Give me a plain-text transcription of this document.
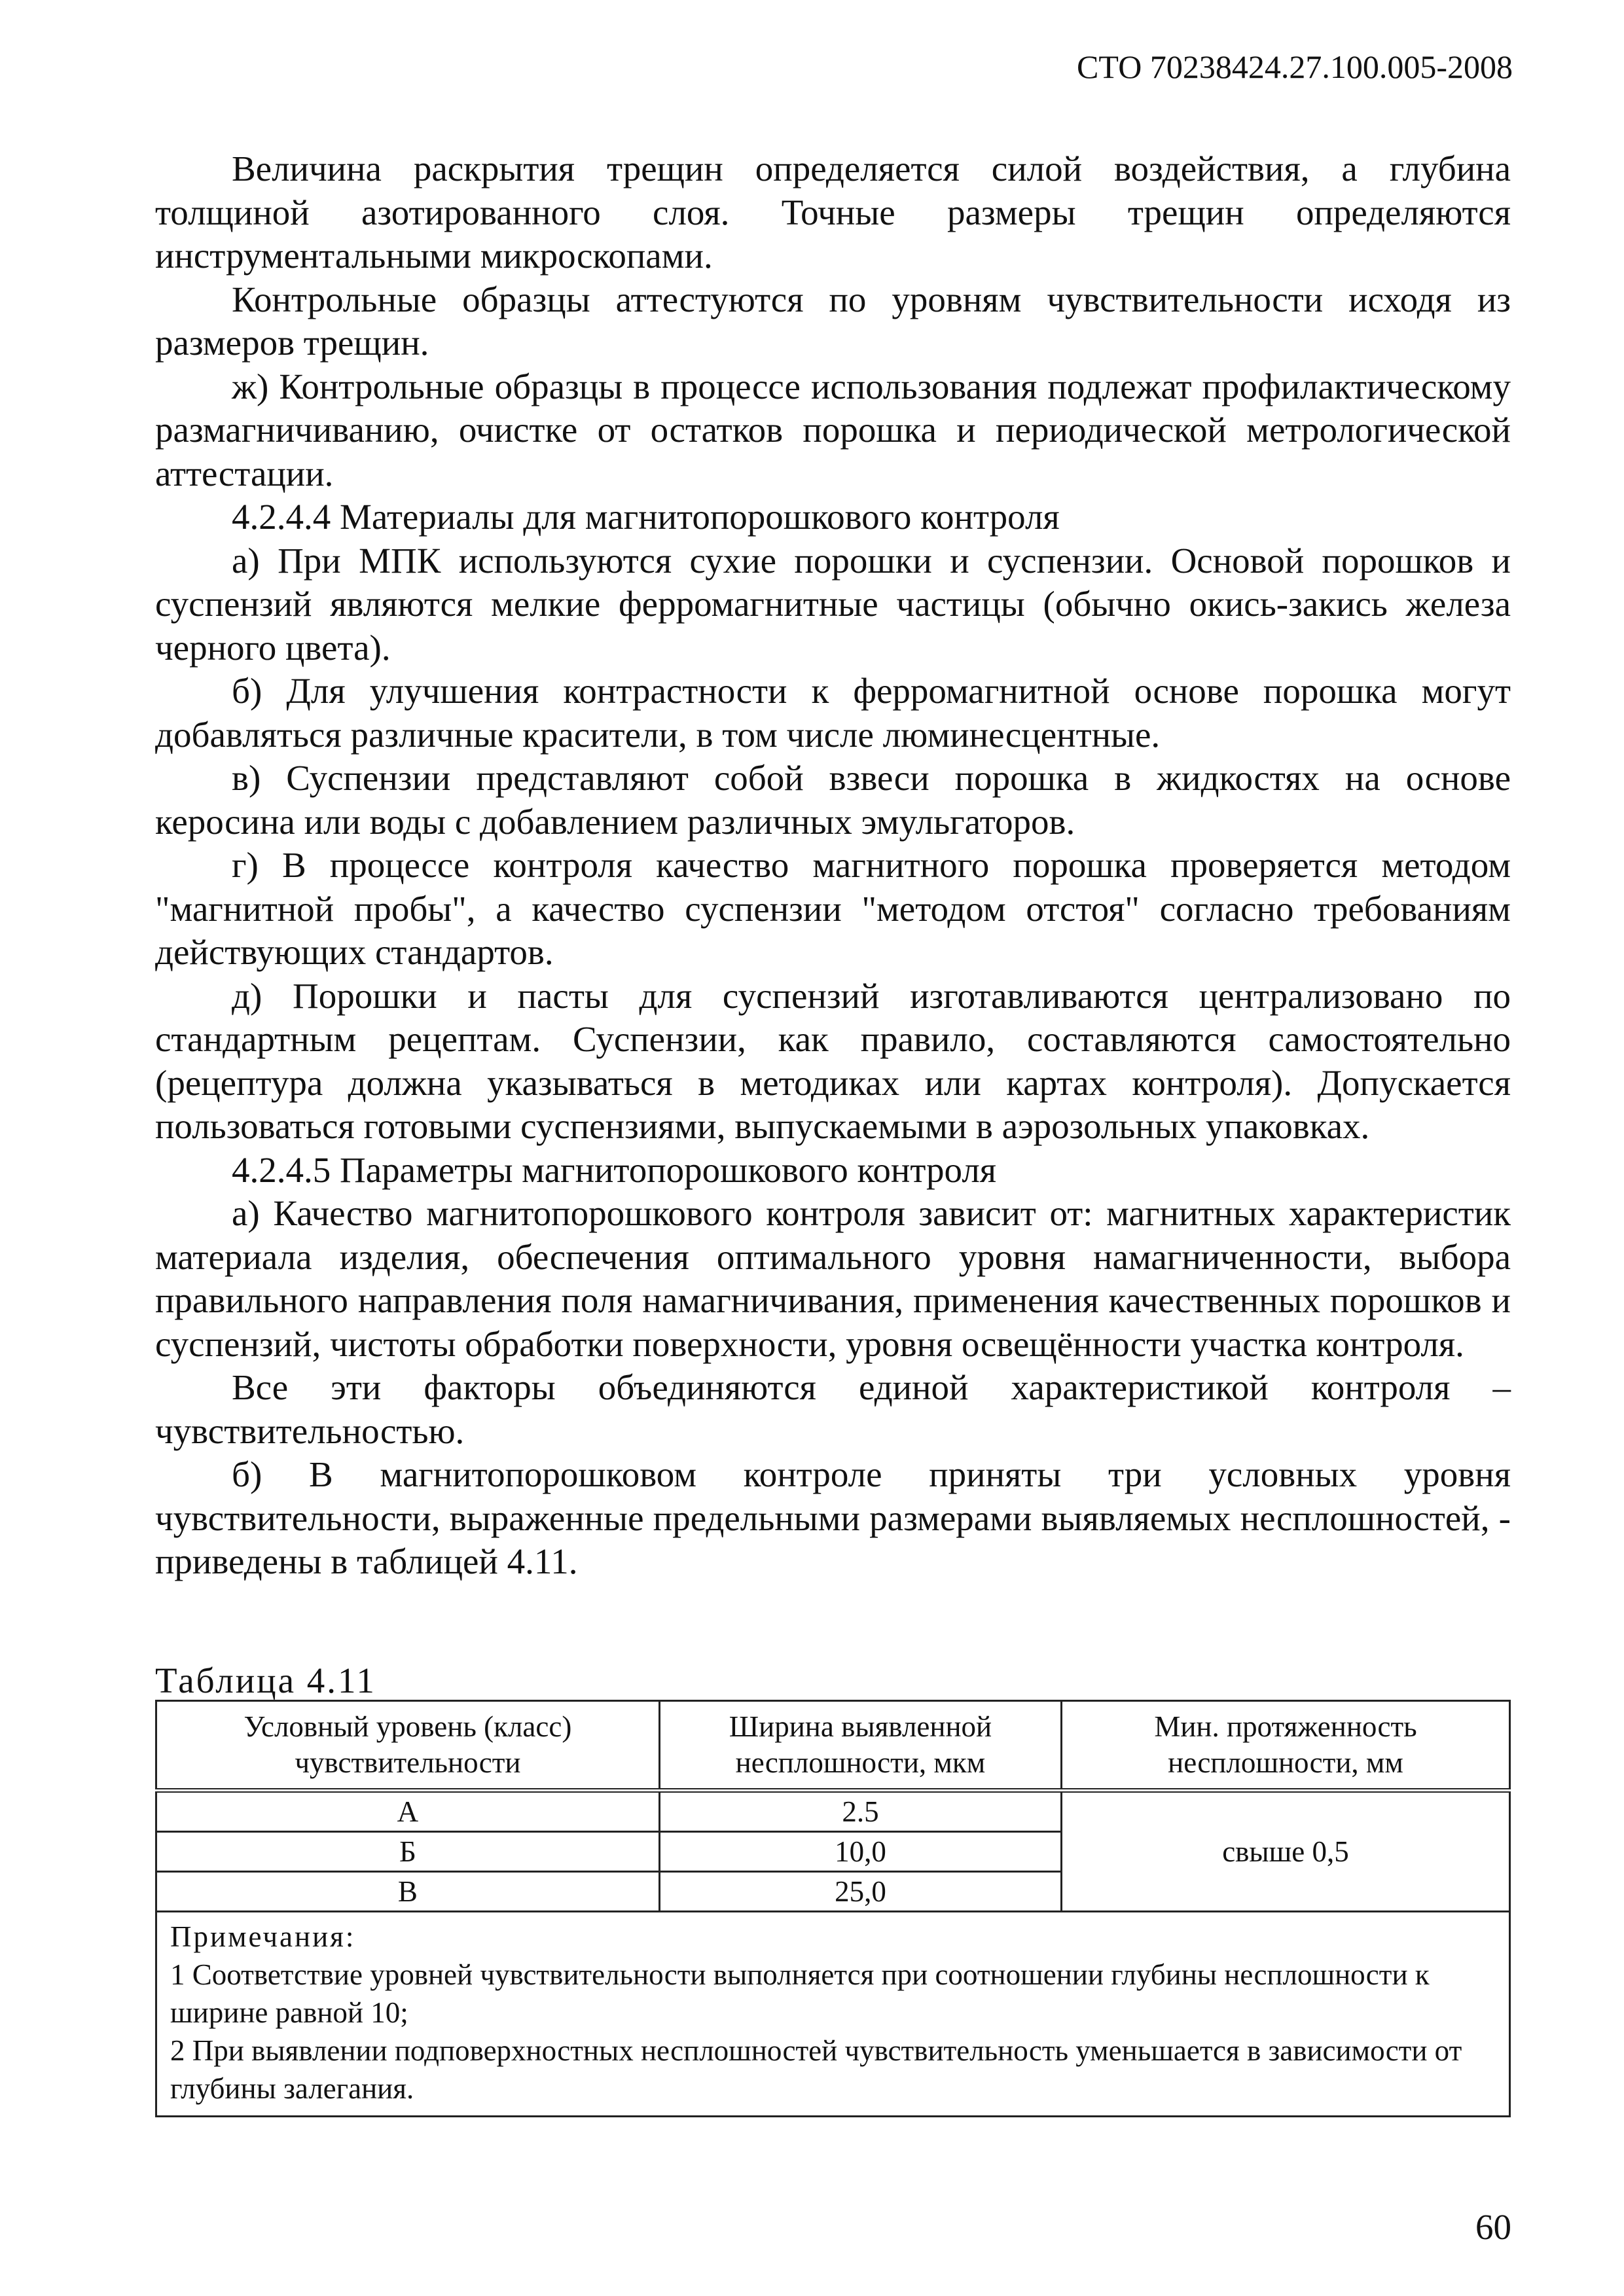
СТО 70238424.27.100.005-2008

Величина раскрытия трещин определяется силой воздействия, а глубина толщиной азотированного слоя. Точные размеры трещин определяются инструментальными микроскопами.

Контрольные образцы аттестуются по уровням чувствительности исходя из размеров трещин.

ж) Контрольные образцы в процессе использования подлежат профилактическому размагничиванию, очистке от остатков порошка и периодической метрологической аттестации.

4.2.4.4 Материалы для магнитопорошкового контроля

а) При МПК используются сухие порошки и суспензии. Основой порошков и суспензий являются мелкие ферромагнитные частицы (обычно окись-закись железа черного цвета).

б) Для улучшения контрастности к ферромагнитной основе порошка могут добавляться различные красители, в том числе люминесцентные.

в) Суспензии представляют собой взвеси порошка в жидкостях на основе керосина или воды с добавлением различных эмульгаторов.

г) В процессе контроля качество магнитного порошка проверяется методом "магнитной пробы", а качество суспензии "методом отстоя" согласно требованиям действующих стандартов.

д) Порошки и пасты для суспензий изготавливаются централизовано по стандартным рецептам. Суспензии, как правило, составляются самостоятельно (рецептура должна указываться в методиках или картах контроля). Допускается пользоваться готовыми суспензиями, выпускаемыми в аэрозольных упаковках.

4.2.4.5 Параметры магнитопорошкового контроля

а) Качество магнитопорошкового контроля зависит от: магнитных характеристик материала изделия, обеспечения оптимального уровня намагниченности, выбора правильного направления поля намагничивания, применения качественных порошков и суспензий, чистоты обработки поверхности, уровня освещённости участка контроля.

Все эти факторы объединяются единой характеристикой контроля – чувствительностью.

б) В магнитопорошковом контроле приняты три условных уровня чувствительности, выраженные предельными размерами выявляемых несплошностей, - приведены в таблицей 4.11.

Таблица 4.11
Условный уровень (класс) чувствительности	Ширина выявленной несплошности, мкм	Мин. протяженность несплошности, мм
А	2.5	свыше 0,5
Б	10,0	
В	25,0	

Примечания:
1 Соответствие уровней чувствительности выполняется при соотношении глубины несплошности к ширине равной 10;
2 При выявлении подповерхностных несплошностей чувствительность уменьшается в зависимости от глубины залегания.		
60
